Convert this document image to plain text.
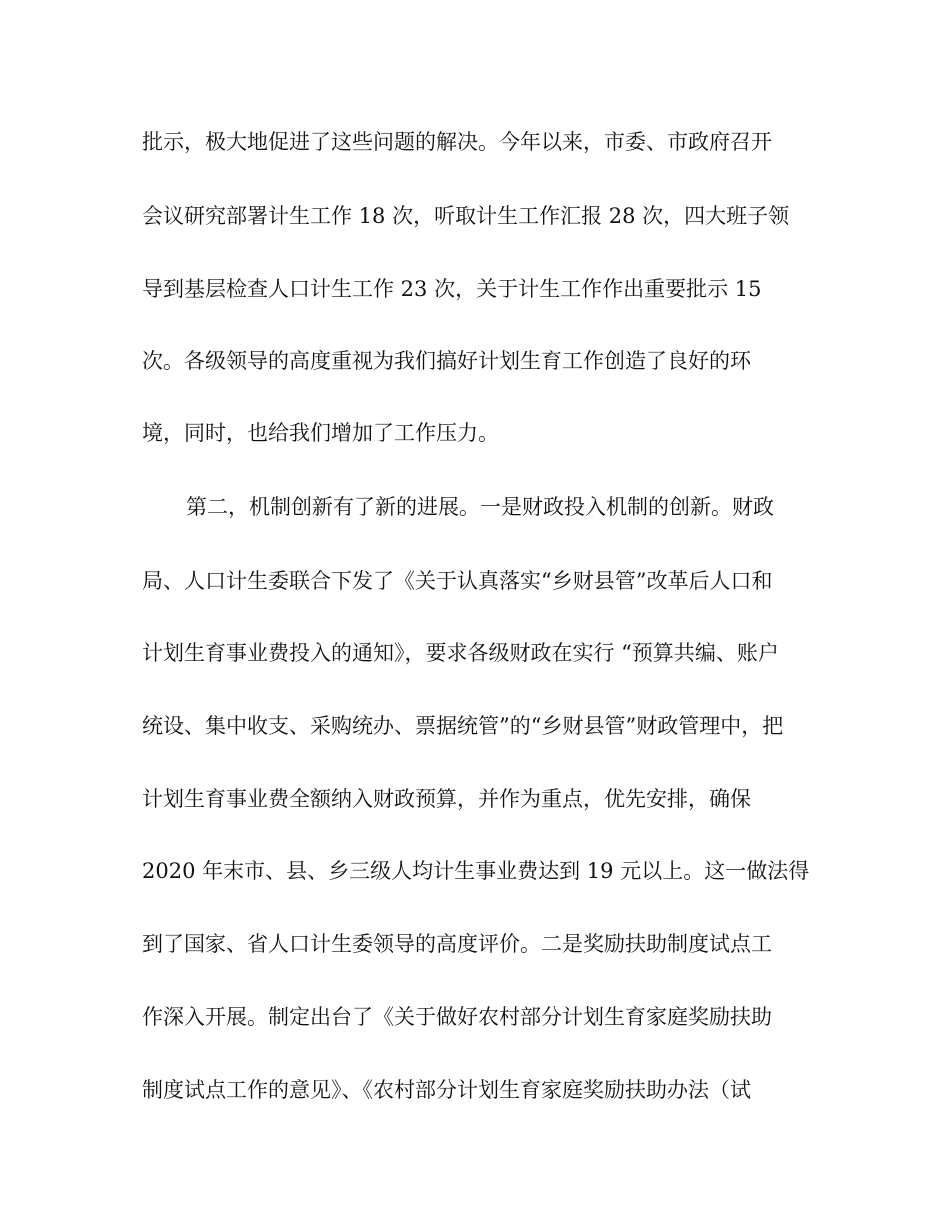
批示，极大地促进了这些问题的解决。今年以来，市委、市政府召开
会议研究部署计生工作 18 次，听取计生工作汇报 28 次，四大班子领
导到基层检查人口计生工作 23 次，关于计生工作作出重要批示 15
次。各级领导的高度重视为我们搞好计划生育工作创造了良好的环
境，同时，也给我们增加了工作压力。
第二，机制创新有了新的进展。一是财政投入机制的创新。财政
局、人口计生委联合下发了《关于认真落实“乡财县管”改革后人口和
计划生育事业费投入的通知》，要求各级财政在实行 “预算共编、账户
统设、集中收支、采购统办、票据统管”的“乡财县管”财政管理中，把
计划生育事业费全额纳入财政预算，并作为重点，优先安排，确保
2020 年末市、县、乡三级人均计生事业费达到 19 元以上。这一做法得
到了国家、省人口计生委领导的高度评价。二是奖励扶助制度试点工
作深入开展。制定出台了《关于做好农村部分计划生育家庭奖励扶助
制度试点工作的意见》、《农村部分计划生育家庭奖励扶助办法（试
